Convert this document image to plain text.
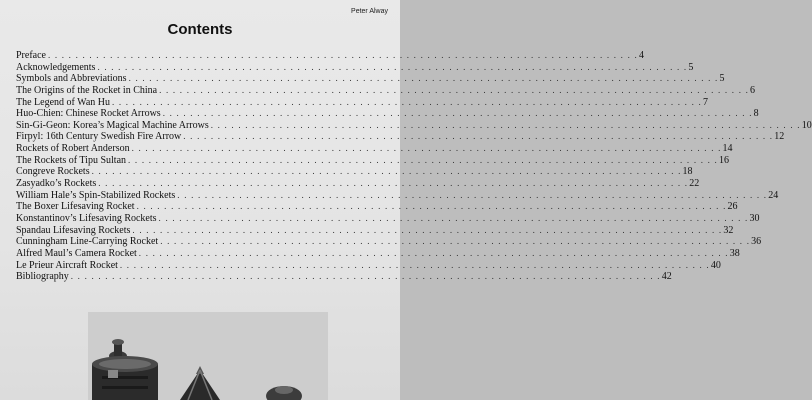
Peter Alway
Contents
Preface . . . . . . . . . . . . . . . . . . . . . . . . . . . . . . . . . . . . . . . . . . . . . . . . . . . . . . . . . . . . . . . . . . . . . . . . . . . . . . . . . . . . . . 4
Acknowledgements . . . . . . . . . . . . . . . . . . . . . . . . . . . . . . . . . . . . . . . . . . . . . . . . . . . . . . . . . . . . . . . . . . . . . . . . . . . . . . . . . . . . . . 5
Symbols and Abbreviations . . . . . . . . . . . . . . . . . . . . . . . . . . . . . . . . . . . . . . . . . . . . . . . . . . . . . . . . . . . . . . . . . . . . . . . . . . . . . . . . . . . . . . 5
The Origins of the Rocket in China . . . . . . . . . . . . . . . . . . . . . . . . . . . . . . . . . . . . . . . . . . . . . . . . . . . . . . . . . . . . . . . . . . . . . . . . . . . . . . . . . . . . . . 6
The Legend of Wan Hu . . . . . . . . . . . . . . . . . . . . . . . . . . . . . . . . . . . . . . . . . . . . . . . . . . . . . . . . . . . . . . . . . . . . . . . . . . . . . . . . . . . . . . 7
Huo-Chien: Chinese Rocket Arrows . . . . . . . . . . . . . . . . . . . . . . . . . . . . . . . . . . . . . . . . . . . . . . . . . . . . . . . . . . . . . . . . . . . . . . . . . . . . . . . . . . . . . . 8
Sin-Gi-Geon: Korea’s Magical Machine Arrows . . . . . . . . . . . . . . . . . . . . . . . . . . . . . . . . . . . . . . . . . . . . . . . . . . . . . . . . . . . . . . . . . . . . . . . . . . . . . . . . . . . . . . 10
Firpyl: 16th Century Swedish Fire Arrow . . . . . . . . . . . . . . . . . . . . . . . . . . . . . . . . . . . . . . . . . . . . . . . . . . . . . . . . . . . . . . . . . . . . . . . . . . . . . . . . . . . . . . 12
Rockets of Robert Anderson . . . . . . . . . . . . . . . . . . . . . . . . . . . . . . . . . . . . . . . . . . . . . . . . . . . . . . . . . . . . . . . . . . . . . . . . . . . . . . . . . . . . . . 14
The Rockets of Tipu Sultan . . . . . . . . . . . . . . . . . . . . . . . . . . . . . . . . . . . . . . . . . . . . . . . . . . . . . . . . . . . . . . . . . . . . . . . . . . . . . . . . . . . . . . 16
Congreve Rockets . . . . . . . . . . . . . . . . . . . . . . . . . . . . . . . . . . . . . . . . . . . . . . . . . . . . . . . . . . . . . . . . . . . . . . . . . . . . . . . . . . . . . . 18
Zasyadko’s Rockets . . . . . . . . . . . . . . . . . . . . . . . . . . . . . . . . . . . . . . . . . . . . . . . . . . . . . . . . . . . . . . . . . . . . . . . . . . . . . . . . . . . . . . 22
William Hale’s Spin-Stabilized Rockets . . . . . . . . . . . . . . . . . . . . . . . . . . . . . . . . . . . . . . . . . . . . . . . . . . . . . . . . . . . . . . . . . . . . . . . . . . . . . . . . . . . . . . 24
The Boxer Lifesaving Rocket . . . . . . . . . . . . . . . . . . . . . . . . . . . . . . . . . . . . . . . . . . . . . . . . . . . . . . . . . . . . . . . . . . . . . . . . . . . . . . . . . . . . . . 26
Konstantinov’s Lifesaving Rockets . . . . . . . . . . . . . . . . . . . . . . . . . . . . . . . . . . . . . . . . . . . . . . . . . . . . . . . . . . . . . . . . . . . . . . . . . . . . . . . . . . . . . . 30
Spandau Lifesaving Rockets . . . . . . . . . . . . . . . . . . . . . . . . . . . . . . . . . . . . . . . . . . . . . . . . . . . . . . . . . . . . . . . . . . . . . . . . . . . . . . . . . . . . . . 32
Cunningham Line-Carrying Rocket . . . . . . . . . . . . . . . . . . . . . . . . . . . . . . . . . . . . . . . . . . . . . . . . . . . . . . . . . . . . . . . . . . . . . . . . . . . . . . . . . . . . . . 36
Alfred Maul’s Camera Rocket . . . . . . . . . . . . . . . . . . . . . . . . . . . . . . . . . . . . . . . . . . . . . . . . . . . . . . . . . . . . . . . . . . . . . . . . . . . . . . . . . . . . . . 38
Le Prieur Aircraft Rocket . . . . . . . . . . . . . . . . . . . . . . . . . . . . . . . . . . . . . . . . . . . . . . . . . . . . . . . . . . . . . . . . . . . . . . . . . . . . . . . . . . . . . . 40
Bibliography . . . . . . . . . . . . . . . . . . . . . . . . . . . . . . . . . . . . . . . . . . . . . . . . . . . . . . . . . . . . . . . . . . . . . . . . . . . . . . . . . . . . . . 42
